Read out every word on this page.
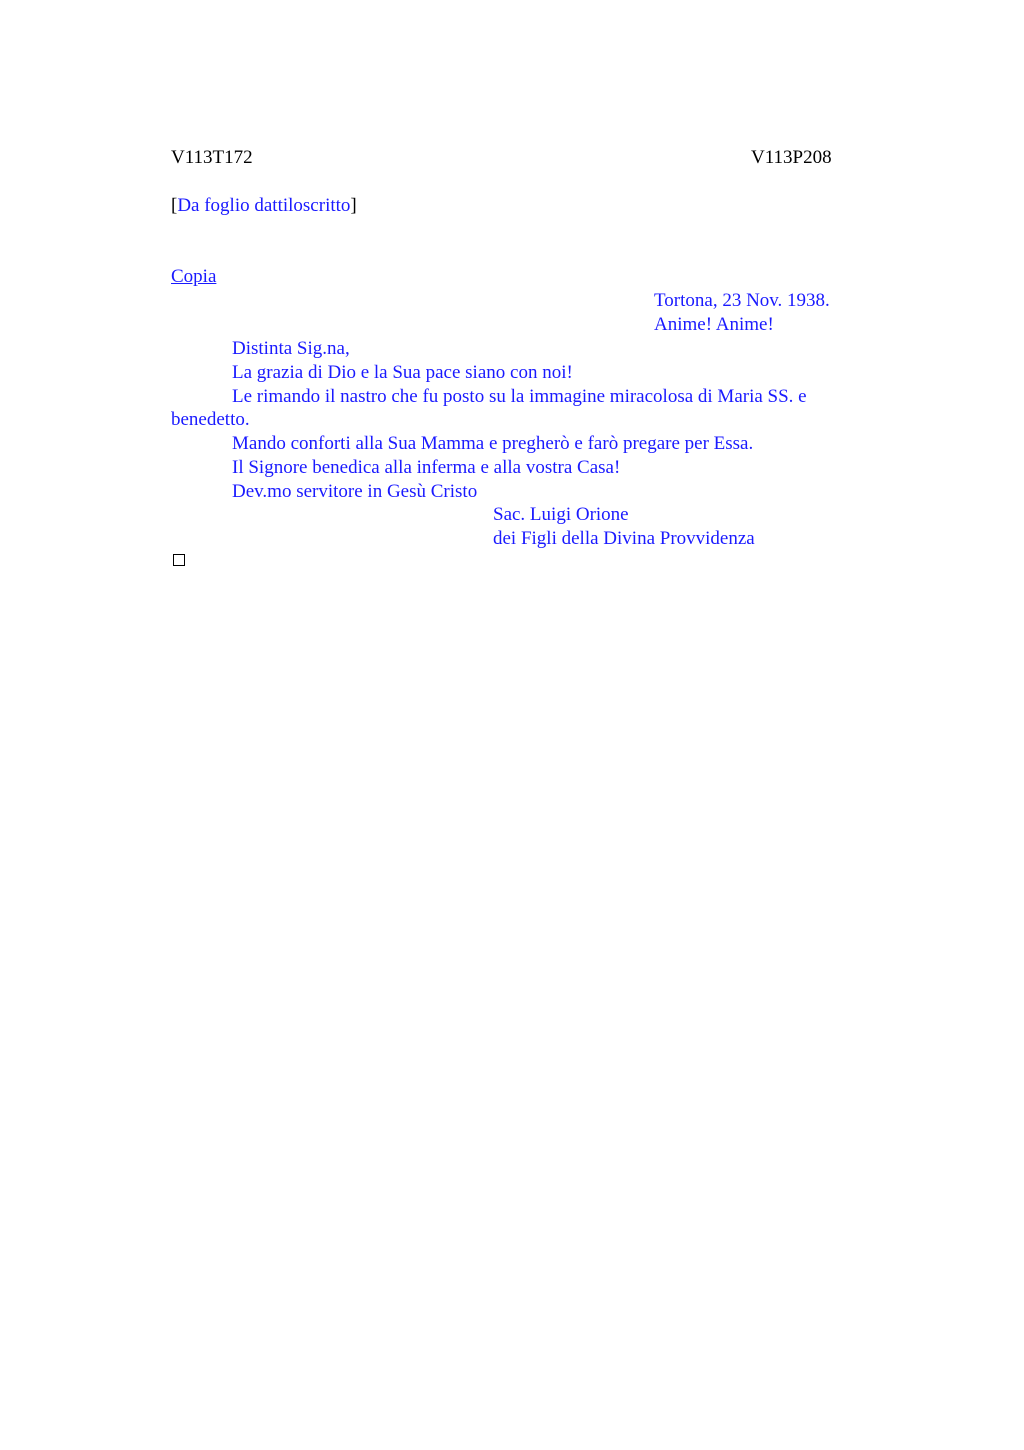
V113T172	V113P208
[Da foglio dattiloscritto]
Copia
Tortona, 23 Nov. 1938.
Anime! Anime!
Distinta Sig.na,
La grazia di Dio e la Sua pace siano con noi!
Le rimando il nastro che fu posto su la immagine miracolosa di Maria SS. e
benedetto.
Mando conforti alla Sua Mamma e pregherò e farò pregare per Essa.
Il Signore benedica alla inferma e alla vostra Casa!
Dev.mo servitore in Gesù Cristo
Sac. Luigi Orione
dei Figli della Divina Provvidenza
